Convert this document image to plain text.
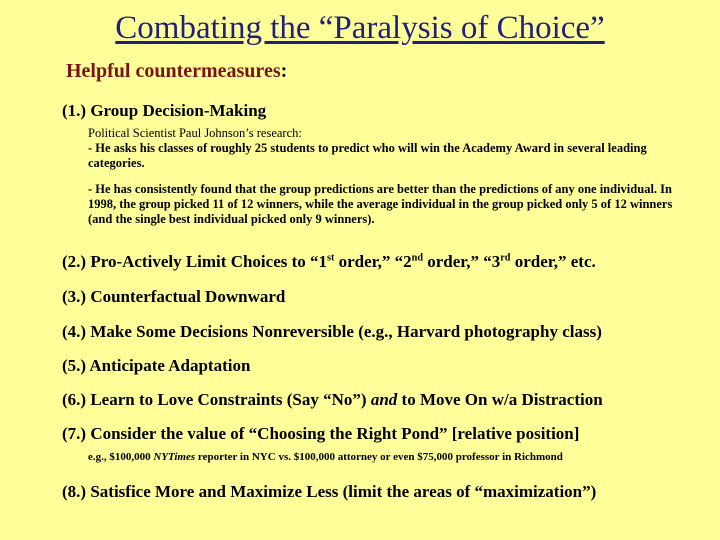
Combating the “Paralysis of Choice”
Helpful countermeasures:
(1.) Group Decision-Making
Political Scientist Paul Johnson’s research:
- He asks his classes of roughly 25 students to predict who will win the Academy Award in several leading categories.
- He has consistently found that the group predictions are better than the predictions of any one individual. In 1998, the group picked 11 of 12 winners, while the average individual in the group picked only 5 of 12 winners (and the single best individual picked only 9 winners).
(2.) Pro-Actively Limit Choices to “1st order,” “2nd order,” “3rd order,” etc.
(3.) Counterfactual Downward
(4.) Make Some Decisions Nonreversible (e.g., Harvard photography class)
(5.) Anticipate Adaptation
(6.) Learn to Love Constraints (Say “No”) and to Move On w/a Distraction
(7.) Consider the value of “Choosing the Right Pond” [relative position]
e.g., $100,000 NYTimes reporter in NYC vs. $100,000 attorney or even $75,000 professor in Richmond
(8.) Satisfice More and Maximize Less (limit the areas of “maximization”)
